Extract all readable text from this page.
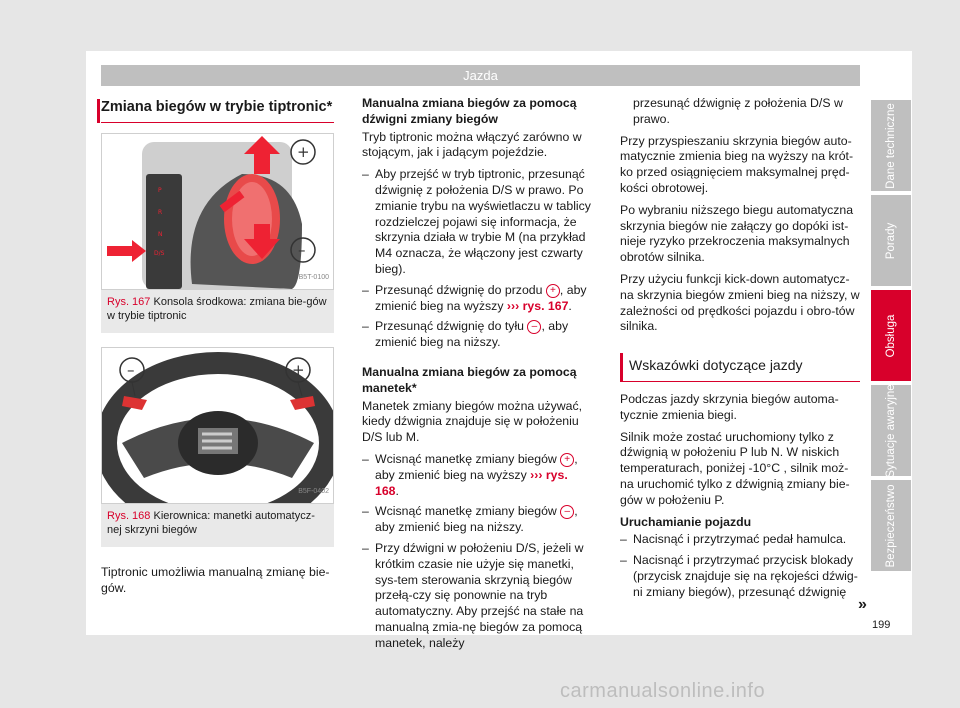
Jazda
Zmiana biegów w trybie tiptronic*
P
R
N
D/S
+
–
B5T-0100
Rys. 167 Konsola środkowa: zmiana bie-gów w trybie tiptronic
–	+
B5F-0402
Rys. 168 Kierownica: manetki automatycz-nej skrzyni biegów

Tiptronic umożliwia manualną zmianę bie-gów.

Manualna zmiana biegów za pomocą dźwigni zmiany biegów

Tryb tiptronic można włączyć zarówno w stojącym, jak i jadącym pojeździe.

– Aby przejść w tryb tiptronic, przesunąć dźwignię z położenia D/S w prawo. Po zmianie trybu na wyświetlaczu w tablicy rozdzielczej pojawi się informacja, że skrzynia działa w trybie M (na przykład M4 oznacza, że włączony jest czwarty bieg).
– Przesunąć dźwignię do przodu + , aby zmienić bieg na wyższy ››› rys. 167.
– Przesunąć dźwignię do tyłu – , aby zmienić bieg na niższy.
Manualna zmiana biegów za pomocą manetek*

Manetek zmiany biegów można używać, kiedy dźwignia znajduje się w położeniu D/S lub M.

– Wcisnąć manetkę zmiany biegów + , aby zmienić bieg na wyższy ››› rys. 168.
– Wcisnąć manetkę zmiany biegów – , aby zmienić bieg na niższy.
– Przy dźwigni w położeniu D/S, jeżeli w krótkim czasie nie użyje się manetki, sys-tem sterowania skrzynią biegów przełą-czy się ponownie na tryb automatyczny. Aby przejść na stałe na manualną zmia-nę biegów za pomocą manetek, należy

przesunąć dźwignię z położenia D/S w prawo.

Przy przyspieszaniu skrzynia biegów auto-matycznie zmienia bieg na wyższy na krót-ko przed osiągnięciem maksymalnej pręd-kości obrotowej.

Po wybraniu niższego biegu automatyczna skrzynia biegów nie załączy go dopóki ist-nieje ryzyko przekroczenia maksymalnych obrotów silnika.

Przy użyciu funkcji kick-down automatycz-na skrzynia biegów zmieni bieg na niższy, w zależności od prędkości pojazdu i obro-tów silnika.

Wskazówki dotyczące jazdy

Podczas jazdy skrzynia biegów automa-tycznie zmienia biegi.

Silnik może zostać uruchomiony tylko z dźwignią w położeniu P lub N. W niskich temperaturach, poniżej -10°C , silnik moż-na uruchomić tylko z dźwignią zmiany bie-gów w położeniu P.

Uruchamianie pojazdu
– Nacisnąć i przytrzymać pedał hamulca.
– Nacisnąć i przytrzymać przycisk blokady (przycisk znajduje się na rękojeści dźwig-ni zmiany biegów), przesunąć dźwignię
Dane techniczne
Porady
Obsługa
Sytuacje awaryjne
Bezpieczeństwo
»
199
carmanualsonline.info
